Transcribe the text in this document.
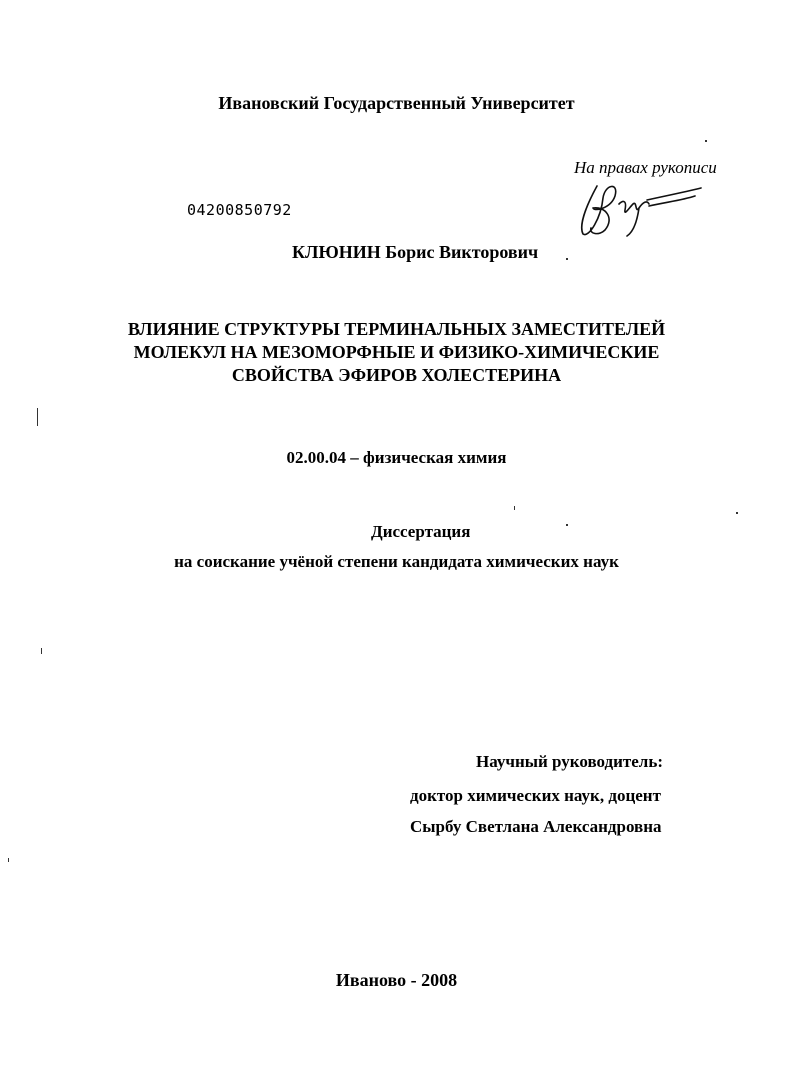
Ивановский Государственный Университет
На правах рукописи
04200850792
КЛЮНИН Борис Викторович
ВЛИЯНИЕ СТРУКТУРЫ ТЕРМИНАЛЬНЫХ ЗАМЕСТИТЕЛЕЙ
МОЛЕКУЛ НА МЕЗОМОРФНЫЕ И ФИЗИКО-ХИМИЧЕСКИЕ
СВОЙСТВА ЭФИРОВ ХОЛЕСТЕРИНА
02.00.04 – физическая химия
Диссертация
на соискание учёной степени кандидата химических наук
Научный руководитель:
доктор химических наук, доцент
Сырбу Светлана Александровна
Иваново - 2008
